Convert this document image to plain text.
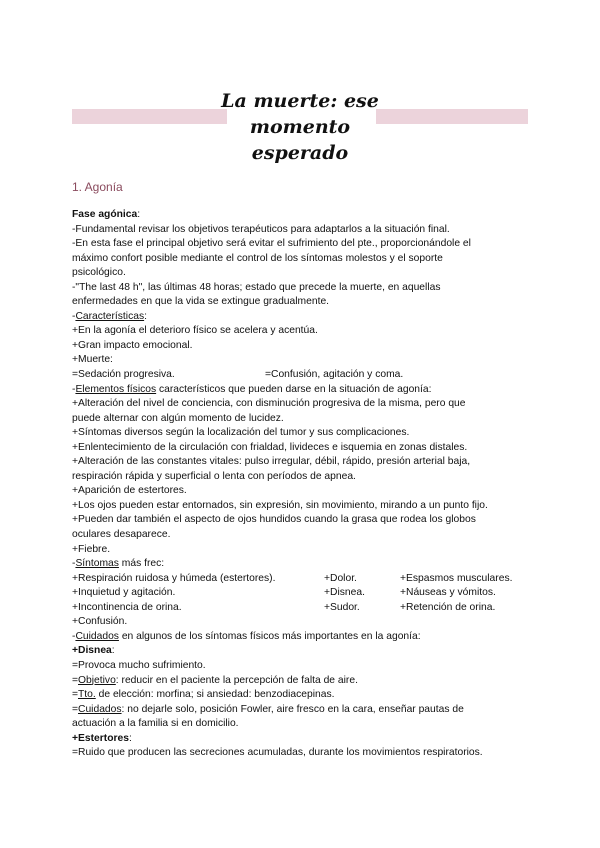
La muerte: ese
momento esperado
1. Agonía
Fase agónica:
-Fundamental revisar los objetivos terapéuticos para adaptarlos a la situación final.
-En esta fase el principal objetivo será evitar el sufrimiento del pte., proporcionándole el
máximo confort posible mediante el control de los síntomas molestos y el soporte
psicológico.
-"The last 48 h", las últimas 48 horas; estado que precede la muerte, en aquellas
enfermedades en que la vida se extingue gradualmente.
-Características:
+En la agonía el deterioro físico se acelera y acentúa.
+Gran impacto emocional.
+Muerte:
=Sedación progresiva.	=Confusión, agitación y coma.
-Elementos físicos característicos que pueden darse en la situación de agonía:
+Alteración del nivel de conciencia, con disminución progresiva de la misma, pero que
puede alternar con algún momento de lucidez.
+Síntomas diversos según la localización del tumor y sus complicaciones.
+Enlentecimiento de la circulación con frialdad, livideces e isquemia en zonas distales.
+Alteración de las constantes vitales: pulso irregular, débil, rápido, presión arterial baja,
respiración rápida y superficial o lenta con períodos de apnea.
+Aparición de estertores.
+Los ojos pueden estar entornados, sin expresión, sin movimiento, mirando a un punto fijo.
+Pueden dar también el aspecto de ojos hundidos cuando la grasa que rodea los globos
oculares desaparece.
+Fiebre.
-Síntomas más frec:
+Respiración ruidosa y húmeda (estertores).	+Dolor.	+Espasmos musculares.
+Inquietud y agitación.	+Disnea.	+Náuseas y vómitos.
+Incontinencia de orina.	+Sudor.	+Retención de orina.
+Confusión.
-Cuidados en algunos de los síntomas físicos más importantes en la agonía:
+Disnea:
=Provoca mucho sufrimiento.
=Objetivo: reducir en el paciente la percepción de falta de aire.
=Tto. de elección: morfina; si ansiedad: benzodiacepinas.
=Cuidados: no dejarle solo, posición Fowler, aire fresco en la cara, enseñar pautas de
actuación a la familia si en domicilio.
+Estertores:
=Ruido que producen las secreciones acumuladas, durante los movimientos respiratorios.
